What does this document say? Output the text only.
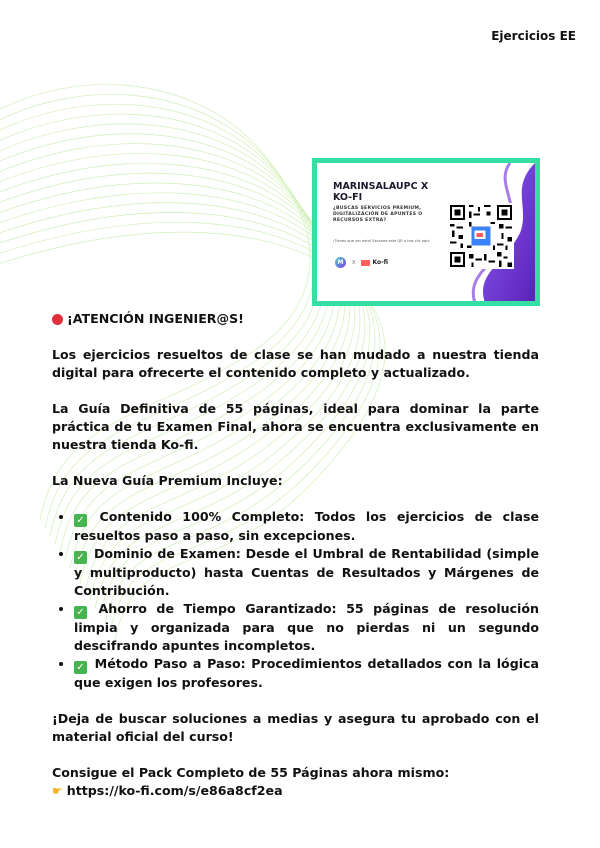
Ejercicios EE
MARINSALAUPC X KO-FI
¿BUSCAS SERVICIOS PREMIUM, DIGITALIZACIÓN DE APUNTES O RECURSOS EXTRA?
¡Tienes que ver esto! Escanea este QR o haz clic aquí
M	X	Ko-fi
¡ATENCIÓN INGENIER@S!

Los ejercicios resueltos de clase se han mudado a nuestra tienda digital para ofrecerte el contenido completo y actualizado.

La Guía Definitiva de 55 páginas, ideal para dominar la parte práctica de tu Examen Final, ahora se encuentra exclusivamente en nuestra tienda Ko-fi.

La Nueva Guía Premium Incluye:

• ✓ Contenido 100% Completo: Todos los ejercicios de clase resueltos paso a paso, sin excepciones.
• ✓ Dominio de Examen: Desde el Umbral de Rentabilidad (simple y multiproducto) hasta Cuentas de Resultados y Márgenes de Contribución.
• ✓ Ahorro de Tiempo Garantizado: 55 páginas de resolución limpia y organizada para que no pierdas ni un segundo descifrando apuntes incompletos.
• ✓ Método Paso a Paso: Procedimientos detallados con la lógica que exigen los profesores.

¡Deja de buscar soluciones a medias y asegura tu aprobado con el material oficial del curso!

Consigue el Pack Completo de 55 Páginas ahora mismo:

☛ https://ko-fi.com/s/e86a8cf2ea
